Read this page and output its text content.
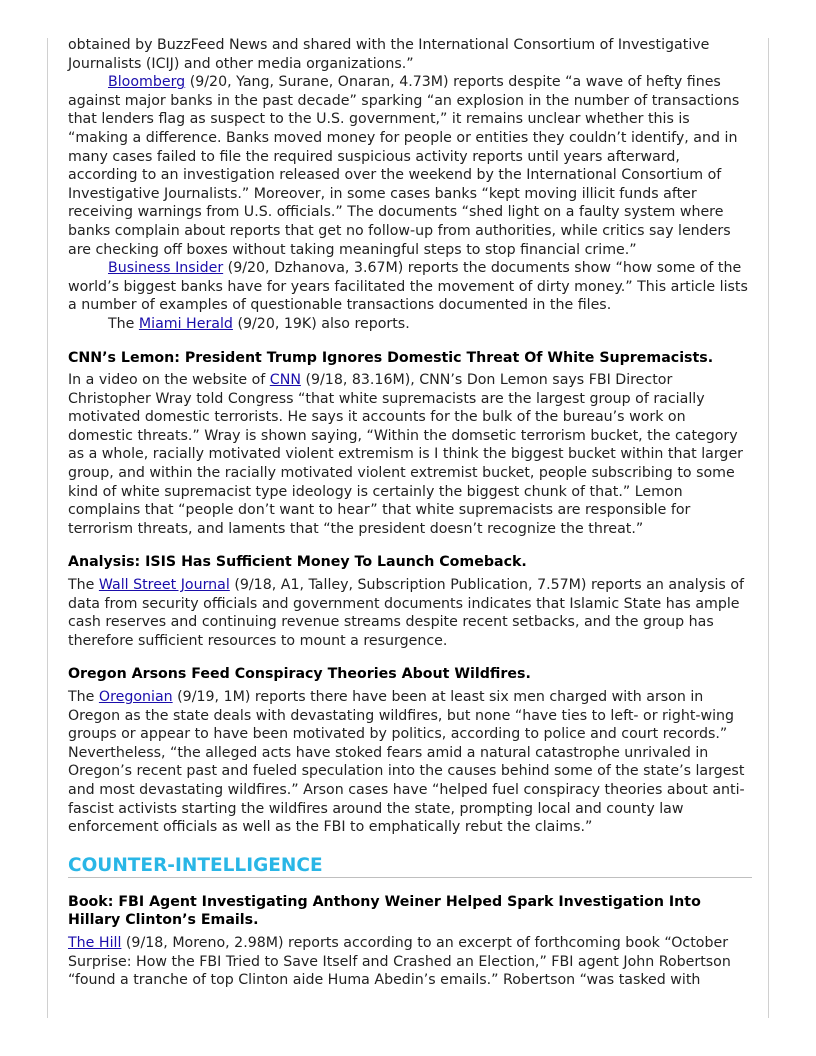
obtained by BuzzFeed News and shared with the International Consortium of Investigative Journalists (ICIJ) and other media organizations.”

Bloomberg (9/20, Yang, Surane, Onaran, 4.73M) reports despite “a wave of hefty fines against major banks in the past decade” sparking “an explosion in the number of transactions that lenders flag as suspect to the U.S. government,” it remains unclear whether this is “making a difference. Banks moved money for people or entities they couldn’t identify, and in many cases failed to file the required suspicious activity reports until years afterward, according to an investigation released over the weekend by the International Consortium of Investigative Journalists.” Moreover, in some cases banks “kept moving illicit funds after receiving warnings from U.S. officials.” The documents “shed light on a faulty system where banks complain about reports that get no follow-up from authorities, while critics say lenders are checking off boxes without taking meaningful steps to stop financial crime.”

Business Insider (9/20, Dzhanova, 3.67M) reports the documents show “how some of the world’s biggest banks have for years facilitated the movement of dirty money.” This article lists a number of examples of questionable transactions documented in the files.

The Miami Herald (9/20, 19K) also reports.

CNN’s Lemon: President Trump Ignores Domestic Threat Of White Supremacists.

In a video on the website of CNN (9/18, 83.16M), CNN’s Don Lemon says FBI Director Christopher Wray told Congress “that white supremacists are the largest group of racially motivated domestic terrorists. He says it accounts for the bulk of the bureau’s work on domestic threats.” Wray is shown saying, “Within the domsetic terrorism bucket, the category as a whole, racially motivated violent extremism is I think the biggest bucket within that larger group, and within the racially motivated violent extremist bucket, people subscribing to some kind of white supremacist type ideology is certainly the biggest chunk of that.” Lemon complains that “people don’t want to hear” that white supremacists are responsible for terrorism threats, and laments that “the president doesn’t recognize the threat.”

Analysis: ISIS Has Sufficient Money To Launch Comeback.

The Wall Street Journal (9/18, A1, Talley, Subscription Publication, 7.57M) reports an analysis of data from security officials and government documents indicates that Islamic State has ample cash reserves and continuing revenue streams despite recent setbacks, and the group has therefore sufficient resources to mount a resurgence.

Oregon Arsons Feed Conspiracy Theories About Wildfires.

The Oregonian (9/19, 1M) reports there have been at least six men charged with arson in Oregon as the state deals with devastating wildfires, but none “have ties to left- or right-wing groups or appear to have been motivated by politics, according to police and court records.” Nevertheless, “the alleged acts have stoked fears amid a natural catastrophe unrivaled in Oregon’s recent past and fueled speculation into the causes behind some of the state’s largest and most devastating wildfires.” Arson cases have “helped fuel conspiracy theories about anti-fascist activists starting the wildfires around the state, prompting local and county law enforcement officials as well as the FBI to emphatically rebut the claims.”

COUNTER-INTELLIGENCE
Book: FBI Agent Investigating Anthony Weiner Helped Spark Investigation Into Hillary Clinton’s Emails.

The Hill (9/18, Moreno, 2.98M) reports according to an excerpt of forthcoming book “October Surprise: How the FBI Tried to Save Itself and Crashed an Election,” FBI agent John Robertson “found a tranche of top Clinton aide Huma Abedin’s emails.” Robertson “was tasked with
